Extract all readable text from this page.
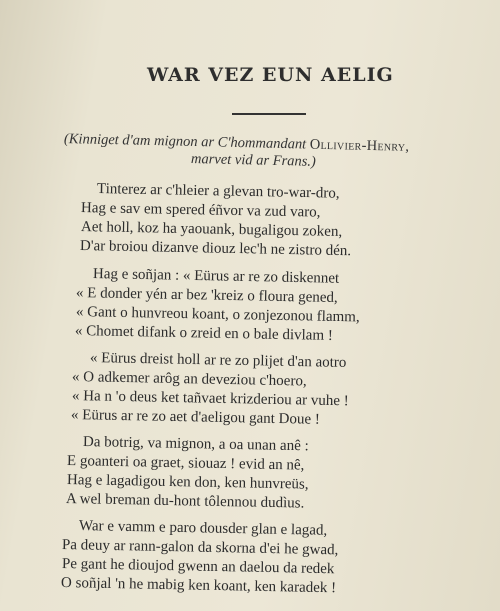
WAR VEZ EUN AELIG
(Kinniget d'am mignon ar C'hommandant Ollivier-Henry,
marvet vid ar Frans.)
Tinterez ar c'hleier a glevan tro-war-dro,
Hag e sav em spered éñvor va zud varo,
Aet holl, koz ha yaouank, bugaligou zoken,
D'ar broiou dizanve diouz lec'h ne zistro dén.
Hag e soñjan : « Eürus ar re zo diskennet
« E donder yén ar bez 'kreiz o floura gened,
« Gant o hunvreou koant, o zonjezonou flamm,
« Chomet difank o zreid en o bale divlam !
« Eürus dreist holl ar re zo plijet d'an aotro
« O adkemer arôg an deveziou c'hoero,
« Ha n 'o deus ket tañvaet krizderiou ar vuhe !
« Eürus ar re zo aet d'aeligou gant Doue !
Da botrig, va mignon, a oa unan anê :
E goanteri oa graet, siouaz ! evid an nê,
Hag e lagadigou ken don, ken hunvreüs,
A wel breman du-hont tôlennou dudìus.
War e vamm e paro dousder glan e lagad,
Pa deuy ar rann-galon da skorna d'ei he gwad,
Pe gant he dioujod gwenn an daelou da redek
O soñjal 'n he mabig ken koant, ken karadek !
